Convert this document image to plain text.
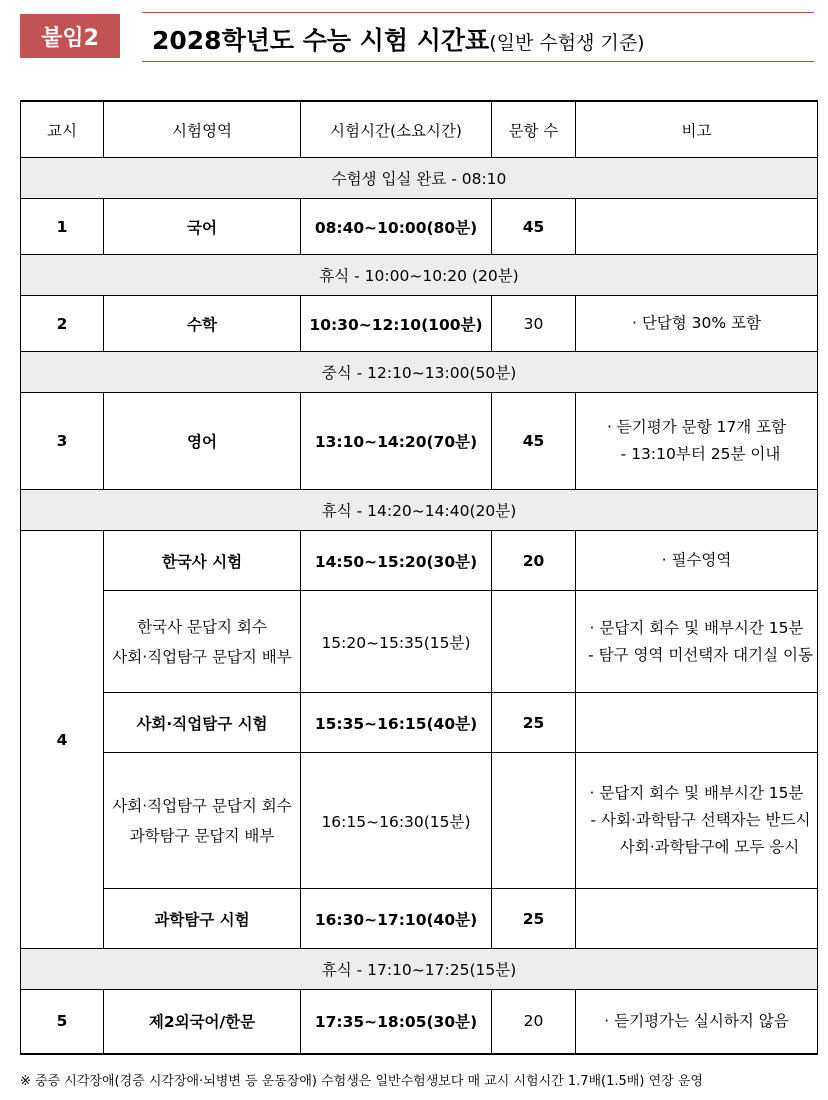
붙임2	2028학년도 수능 시험 시간표(일반 수험생 기준)
교시	시험영역	시험시간(소요시간)	문항 수	비고
수험생 입실 완료 - 08:10				
1	국어	08:40~10:00(80분)	45	
휴식 - 10:00~10:20 (20분)				
2	수학	10:30~12:10(100분)	30	· 단답형 30% 포함
중식 - 12:10~13:00(50분)				
3	영어	13:10~14:20(70분)	45	· 듣기평가 문항 17개 포함
- 13:10부터 25분 이내

휴식 - 14:20~14:40(20분)				
4	한국사 시험	14:50~15:20(30분)	20	· 필수영역

	한국사 문답지 회수
사회·직업탐구 문답지 배부	15:20~15:35(15분)		· 문답지 회수 및 배부시간 15분
- 탐구 영역 미선택자 대기실 이동

	사회·직업탐구 시험	15:35~16:15(40분)	25	

	사회·직업탐구 문답지 회수
과학탐구 문답지 배부	16:15~16:30(15분)		· 문답지 회수 및 배부시간 15분
- 사회·과학탐구 선택자는 반드시
사회·과학탐구에 모두 응시

	과학탐구 시험	16:30~17:10(40분)	25	
휴식 - 17:10~17:25(15분)				
5	제2외국어/한문	17:35~18:05(30분)	20	· 듣기평가는 실시하지 않음
※ 중증 시각장애(경증 시각장애·뇌병변 등 운동장애) 수험생은 일반수험생보다 매 교시 시험시간 1.7배(1.5배) 연장 운영
